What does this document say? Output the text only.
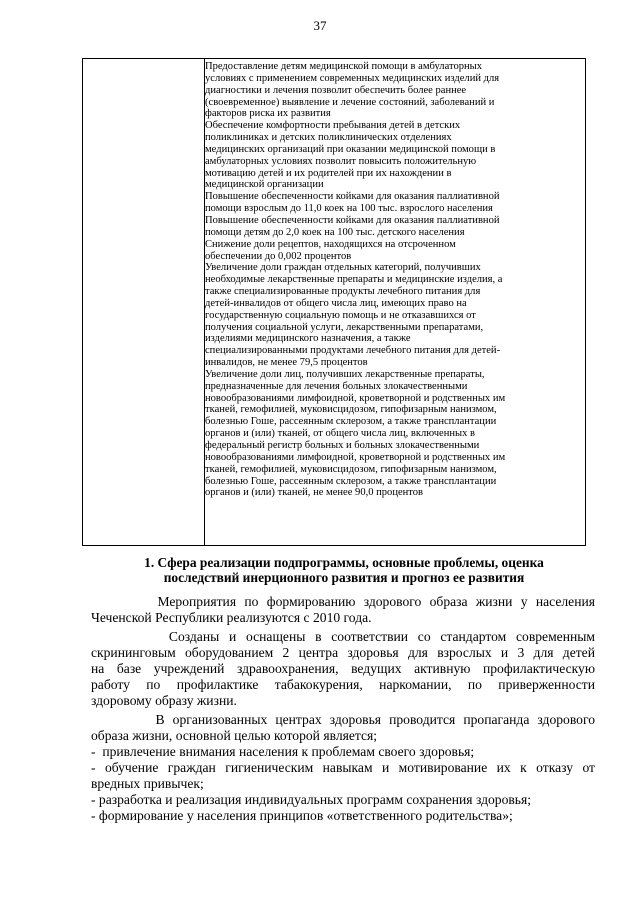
37
Предоставление детям медицинской помощи в амбулаторных
условиях с применением современных медицинских изделий для
диагностики и лечения позволит обеспечить более раннее
(своевременное) выявление и лечение состояний, заболеваний и
факторов риска их развития
Обеспечение комфортности пребывания детей в детских
поликлиниках и детских поликлинических отделениях
медицинских организаций при оказании медицинской помощи в
амбулаторных условиях позволит повысить положительную
мотивацию детей и их родителей при их нахождении в
медицинской организации
Повышение обеспеченности койками для оказания паллиативной
помощи взрослым до 11,0 коек на 100 тыс. взрослого населения
Повышение обеспеченности койками для оказания паллиативной
помощи детям до 2,0 коек на 100 тыс. детского населения
Снижение доли рецептов, находящихся на отсроченном
обеспечении до 0,002 процентов
Увеличение доли граждан отдельных категорий, получивших
необходимые лекарственные препараты и медицинские изделия, а
также специализированные продукты лечебного питания для
детей-инвалидов от общего числа лиц, имеющих право на
государственную социальную помощь и не отказавшихся от
получения социальной услуги, лекарственными препаратами,
изделиями медицинского назначения, а также
специализированными продуктами лечебного питания для детей-
инвалидов, не менее 79,5 процентов
Увеличение доли лиц, получивших лекарственные препараты,
предназначенные для лечения больных злокачественными
новообразованиями лимфоидной, кроветворной и родственных им
тканей, гемофилией, муковисцидозом, гипофизарным нанизмом,
болезнью Гоше, рассеянным склерозом, а также трансплантации
органов и (или) тканей, от общего числа лиц, включенных в
федеральный регистр больных и больных злокачественными
новообразованиями лимфоидной, кроветворной и родственных им
тканей, гемофилией, муковисцидозом, гипофизарным нанизмом,
болезнью Гоше, рассеянным склерозом, а также трансплантации
органов и (или) тканей, не менее 90,0 процентов
1. Сфера реализации подпрограммы, основные проблемы, оценка
последствий инерционного развития и прогноз ее развития
Мероприятия по формированию здорового образа жизни у населения
Чеченской Республики реализуются с 2010 года.
Созданы и оснащены в соответствии со стандартом современным
скрининговым оборудованием 2 центра здоровья для взрослых и 3 для детей
на базе учреждений здравоохранения, ведущих активную профилактическую
работу по профилактике табакокурения, наркомании, по приверженности
здоровому образу жизни.
В организованных центрах здоровья проводится пропаганда здорового
образа жизни, основной целью которой является;
-  привлечение внимания населения к проблемам своего здоровья;
- обучение граждан гигиеническим навыкам и мотивирование их к отказу от
вредных привычек;
- разработка и реализация индивидуальных программ сохранения здоровья;
- формирование у населения принципов «ответственного родительства»;
